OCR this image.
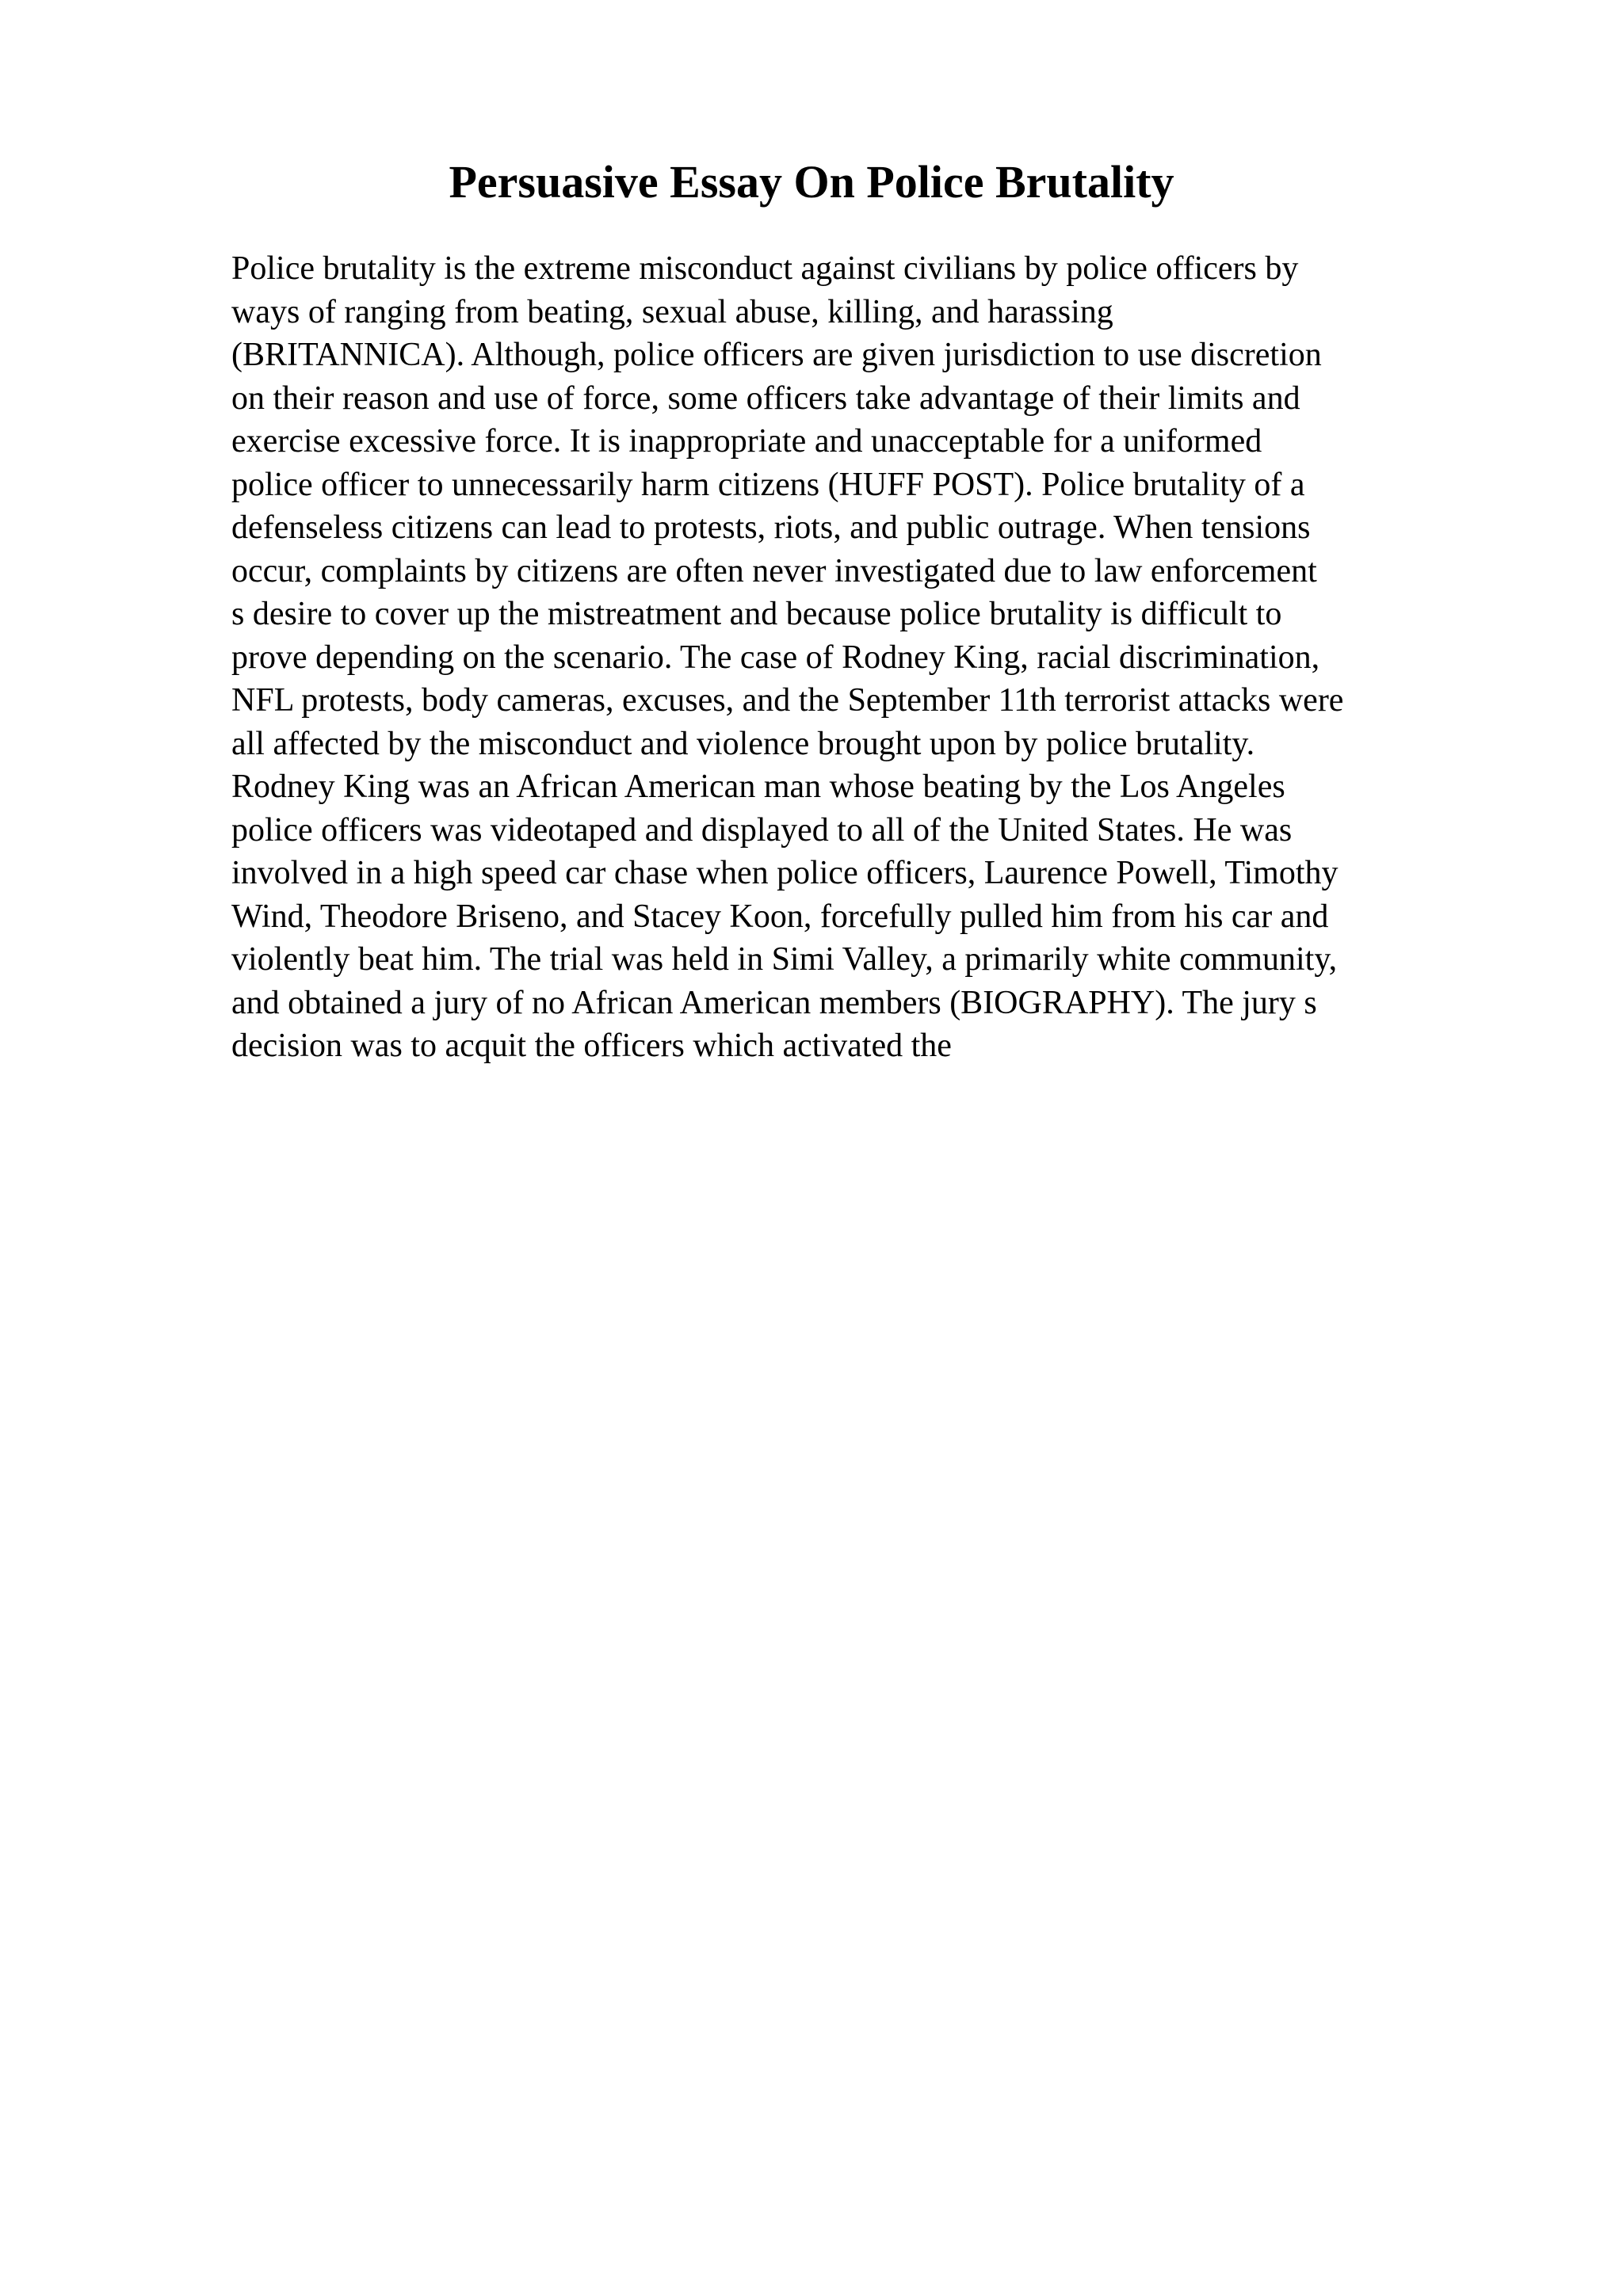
Persuasive Essay On Police Brutality
Police brutality is the extreme misconduct against civilians by police officers by
ways of ranging from beating, sexual abuse, killing, and harassing
(BRITANNICA). Although, police officers are given jurisdiction to use discretion
on their reason and use of force, some officers take advantage of their limits and
exercise excessive force. It is inappropriate and unacceptable for a uniformed
police officer to unnecessarily harm citizens (HUFF POST). Police brutality of a
defenseless citizens can lead to protests, riots, and public outrage. When tensions
occur, complaints by citizens are often never investigated due to law enforcement
s desire to cover up the mistreatment and because police brutality is difficult to
prove depending on the scenario. The case of Rodney King, racial discrimination,
NFL protests, body cameras, excuses, and the September 11th terrorist attacks were
all affected by the misconduct and violence brought upon by police brutality.
Rodney King was an African American man whose beating by the Los Angeles
police officers was videotaped and displayed to all of the United States. He was
involved in a high speed car chase when police officers, Laurence Powell, Timothy
Wind, Theodore Briseno, and Stacey Koon, forcefully pulled him from his car and
violently beat him. The trial was held in Simi Valley, a primarily white community,
and obtained a jury of no African American members (BIOGRAPHY). The jury s
decision was to acquit the officers which activated the
